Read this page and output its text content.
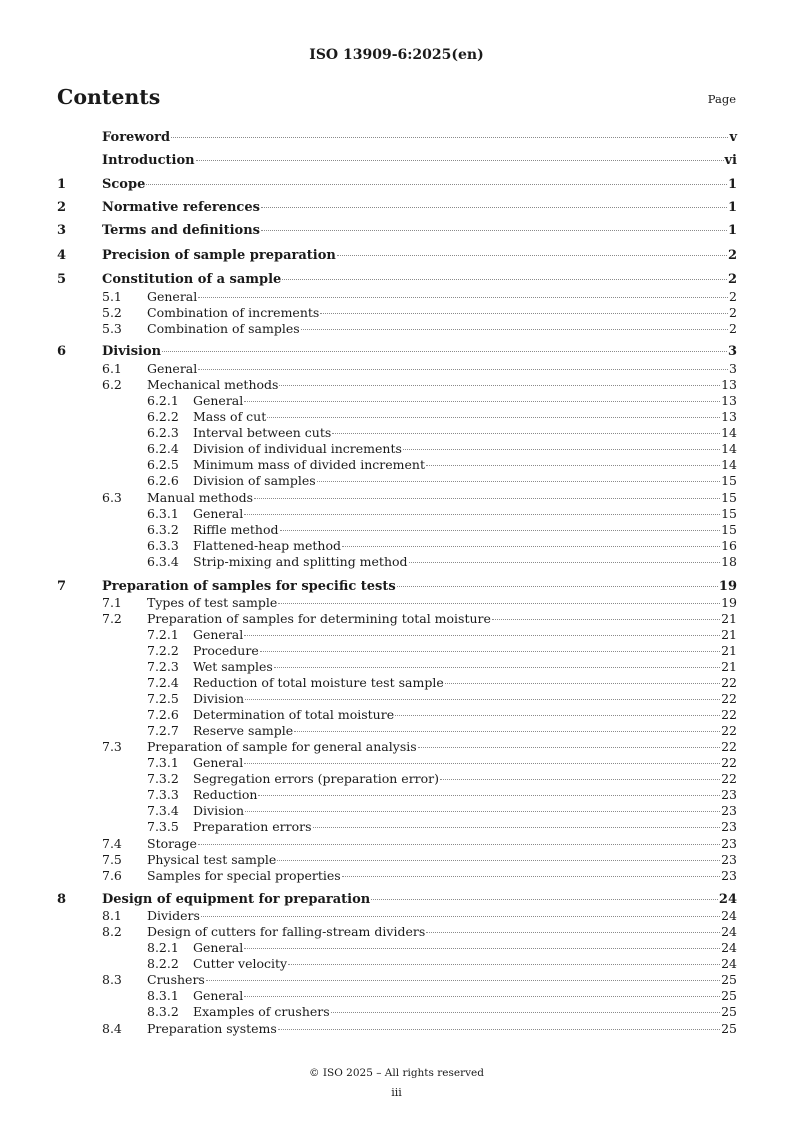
ISO 13909-6:2025(en)
Contents	Page
Foreword	v
Introduction	vi
1	Scope	1
2	Normative references	1
3	Terms and definitions	1
4	Precision of sample preparation	2
5	Constitution of a sample	2
5.1	General	2
5.2	Combination of increments	2
5.3	Combination of samples	2
6	Division	3
6.1	General	3
6.2	Mechanical methods	13
6.2.1	General	13
6.2.2	Mass of cut	13
6.2.3	Interval between cuts	14
6.2.4	Division of individual increments	14
6.2.5	Minimum mass of divided increment	14
6.2.6	Division of samples	15
6.3	Manual methods	15
6.3.1	General	15
6.3.2	Riffle method	15
6.3.3	Flattened-heap method	16
6.3.4	Strip-mixing and splitting method	18
7	Preparation of samples for specific tests	19
7.1	Types of test sample	19
7.2	Preparation of samples for determining total moisture	21
7.2.1	General	21
7.2.2	Procedure	21
7.2.3	Wet samples	21
7.2.4	Reduction of total moisture test sample	22
7.2.5	Division	22
7.2.6	Determination of total moisture	22
7.2.7	Reserve sample	22
7.3	Preparation of sample for general analysis	22
7.3.1	General	22
7.3.2	Segregation errors (preparation error)	22
7.3.3	Reduction	23
7.3.4	Division	23
7.3.5	Preparation errors	23
7.4	Storage	23
7.5	Physical test sample	23
7.6	Samples for special properties	23
8	Design of equipment for preparation	24
8.1	Dividers	24
8.2	Design of cutters for falling-stream dividers	24
8.2.1	General	24
8.2.2	Cutter velocity	24
8.3	Crushers	25
8.3.1	General	25
8.3.2	Examples of crushers	25
8.4	Preparation systems	25
© ISO 2025 – All rights reserved
iii
